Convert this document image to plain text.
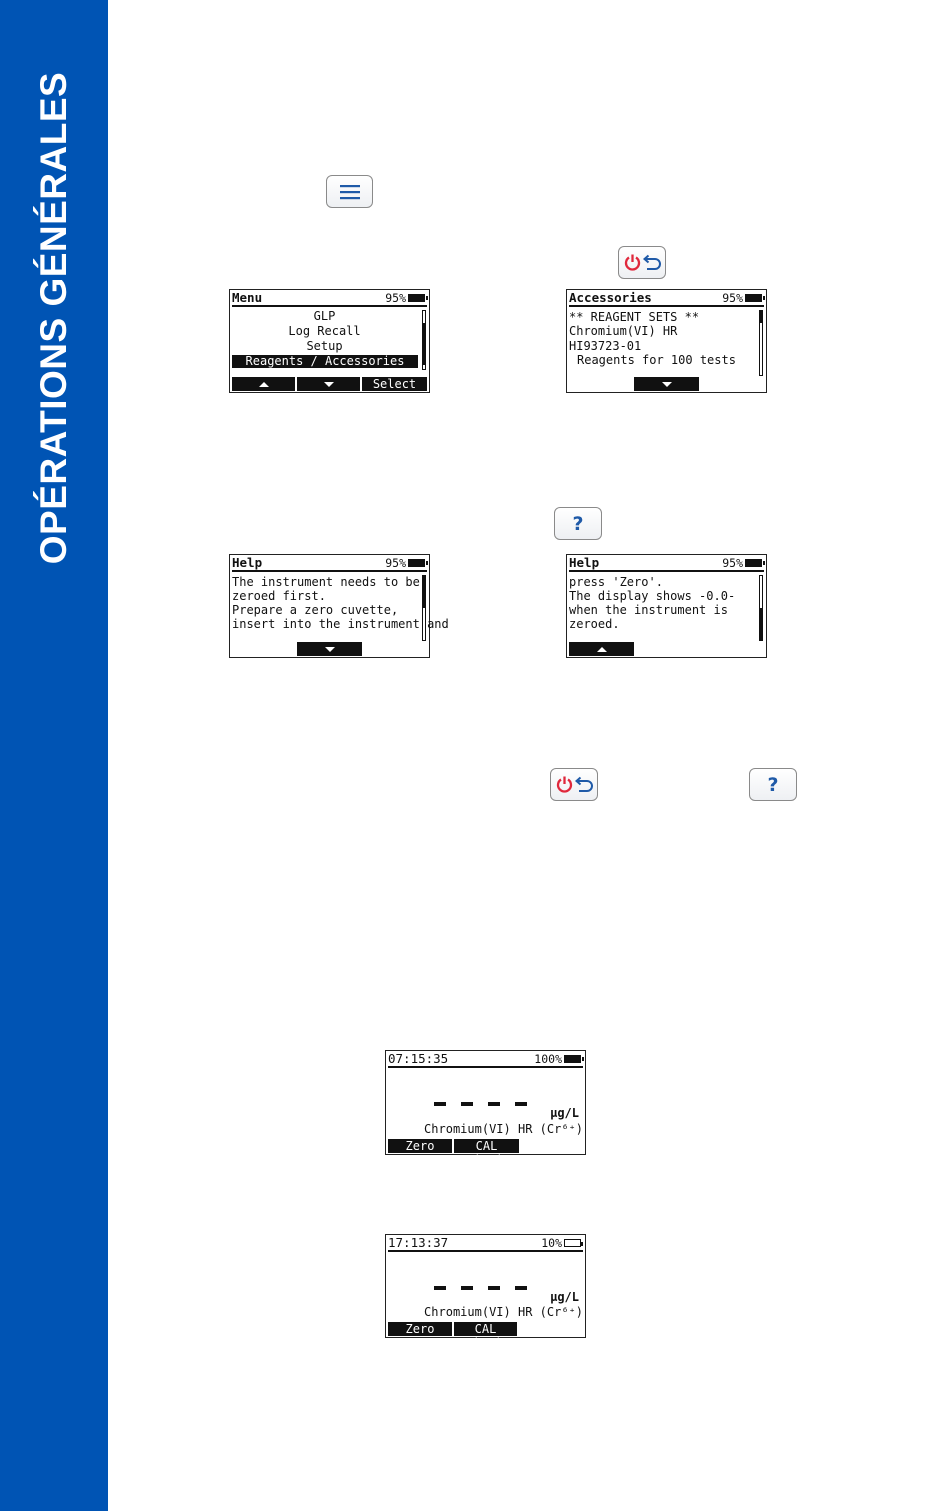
OPÉRATIONS GÉNÉRALES	Menu	95%
GLP
Log Recall
Setup
Reagents / Accessories
Select
Accessories	95%
** REAGENT SETS **
Chromium(VI) HR
HI93723-01
Reagents for 100 tests
?
Help	95%
The instrument needs to be
zeroed first.
Prepare a zero cuvette,
insert into the instrument and
Help	95%
press 'Zero'.
The display shows -0.0-
when the instrument is
zeroed.
?
07:15:35	100%
µg/L
Chromium(VI) HR (Cr⁶⁺)
Zero	CAL Check
17:13:37	10%
µg/L
Chromium(VI) HR (Cr⁶⁺)
Zero	CAL Check
